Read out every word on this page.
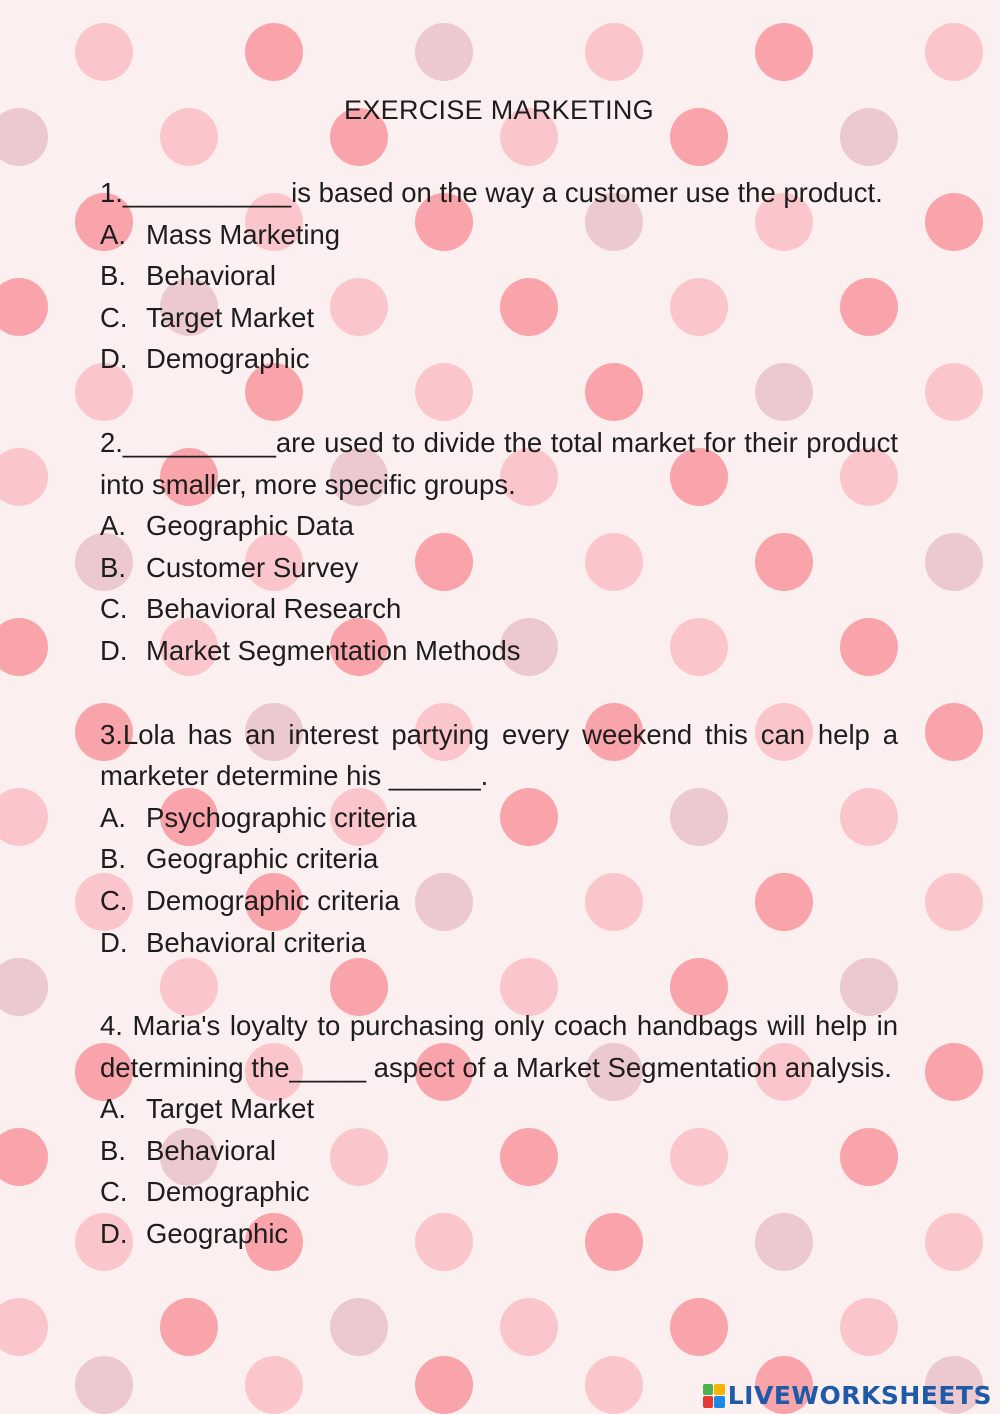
EXERCISE MARKETING

1.___________is based on the way a customer use the product.

A. Mass Marketing
B. Behavioral
C. Target Market
D. Demographic

2.__________are used to divide the total market for their product into smaller, more specific groups.

A. Geographic Data
B. Customer Survey
C. Behavioral Research
D. Market Segmentation Methods

3.Lola has an interest partying every weekend this can help a marketer determine his ______.

A. Psychographic criteria
B. Geographic criteria
C. Demographic criteria
D. Behavioral criteria

4. Maria's loyalty to purchasing only coach handbags will help in determining the_____ aspect of a Market Segmentation analysis.

A. Target Market
B. Behavioral
C. Demographic
D. Geographic
LIVEWORKSHEETS
